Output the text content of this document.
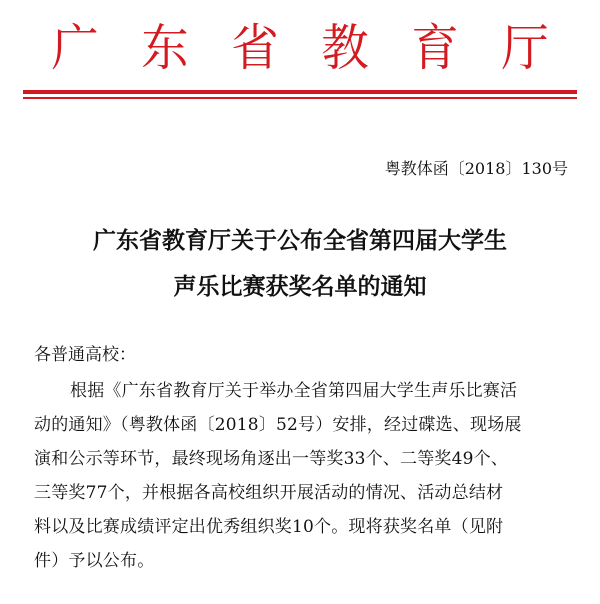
广 东 省 教 育 厅
粤教体函〔2018〕130号
广东省教育厅关于公布全省第四届大学生
声乐比赛获奖名单的通知
各普通高校：
根据《广东省教育厅关于举办全省第四届大学生声乐比赛活
动的通知》（粤教体函〔2018〕52号）安排，经过碟选、现场展
演和公示等环节，最终现场角逐出一等奖33个、二等奖49个、
三等奖77个，并根据各高校组织开展活动的情况、活动总结材
料以及比赛成绩评定出优秀组织奖10个。现将获奖名单（见附
件）予以公布。
